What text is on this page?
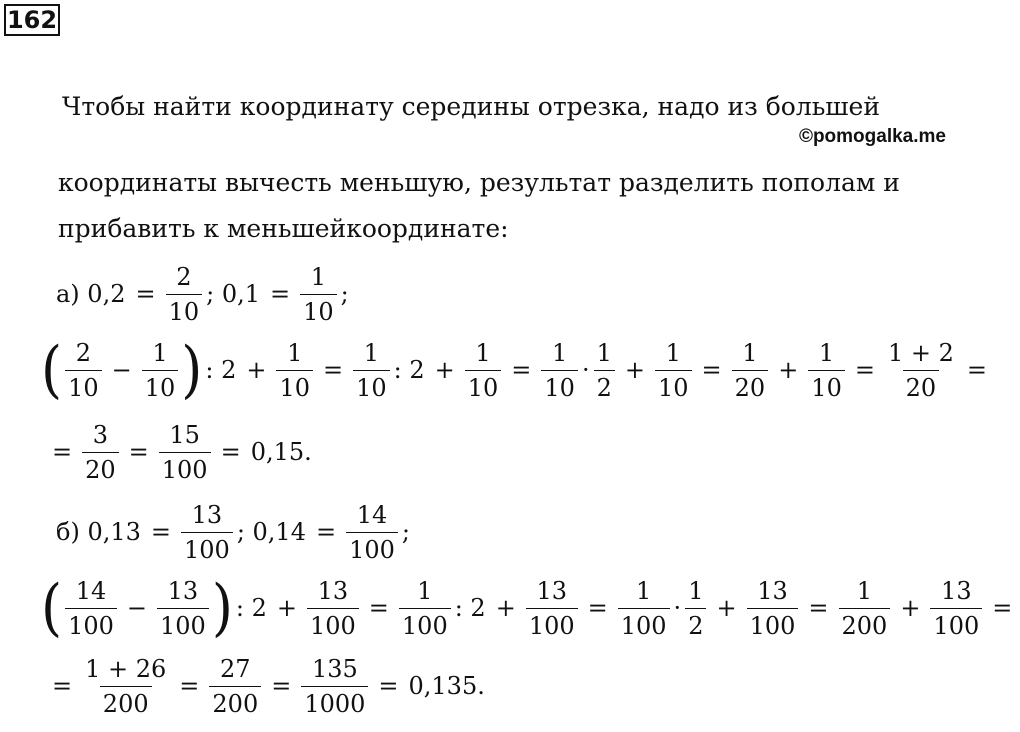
162
Чтобы найти координату середины отрезка, надо из большей
©pomogalka.me
координаты вычесть меньшую, результат разделить пополам и
прибавить к меньшейкоординате:
а) $0,2 = \frac{2}{10}$ ; $0,1 = \frac{1}{10}$ ;
( $\frac{2}{10} - \frac{1}{10}$ ) : $2 + \frac{1}{10} = \frac{1}{10}$ : $2 + \frac{1}{10} = \frac{1}{10} \cdot \frac{1}{2} + \frac{1}{10} = \frac{1}{20} + \frac{1}{10} = \frac{1 + 2}{20}$ =
= $\frac{3}{20} = \frac{15}{100} = 0,15$.
б) $0,13 = \frac{13}{100}$ ; $0,14 = \frac{14}{100}$ ;
( $\frac{14}{100} - \frac{13}{100}$ ) : $2 + \frac{13}{100} = \frac{1}{100}$ : $2 + \frac{13}{100} = \frac{1}{100} \cdot \frac{1}{2} + \frac{13}{100} = \frac{1}{200} + \frac{13}{100}$ =
= $\frac{1 + 26}{200} = \frac{27}{200} = \frac{135}{1000} = 0,135$.
